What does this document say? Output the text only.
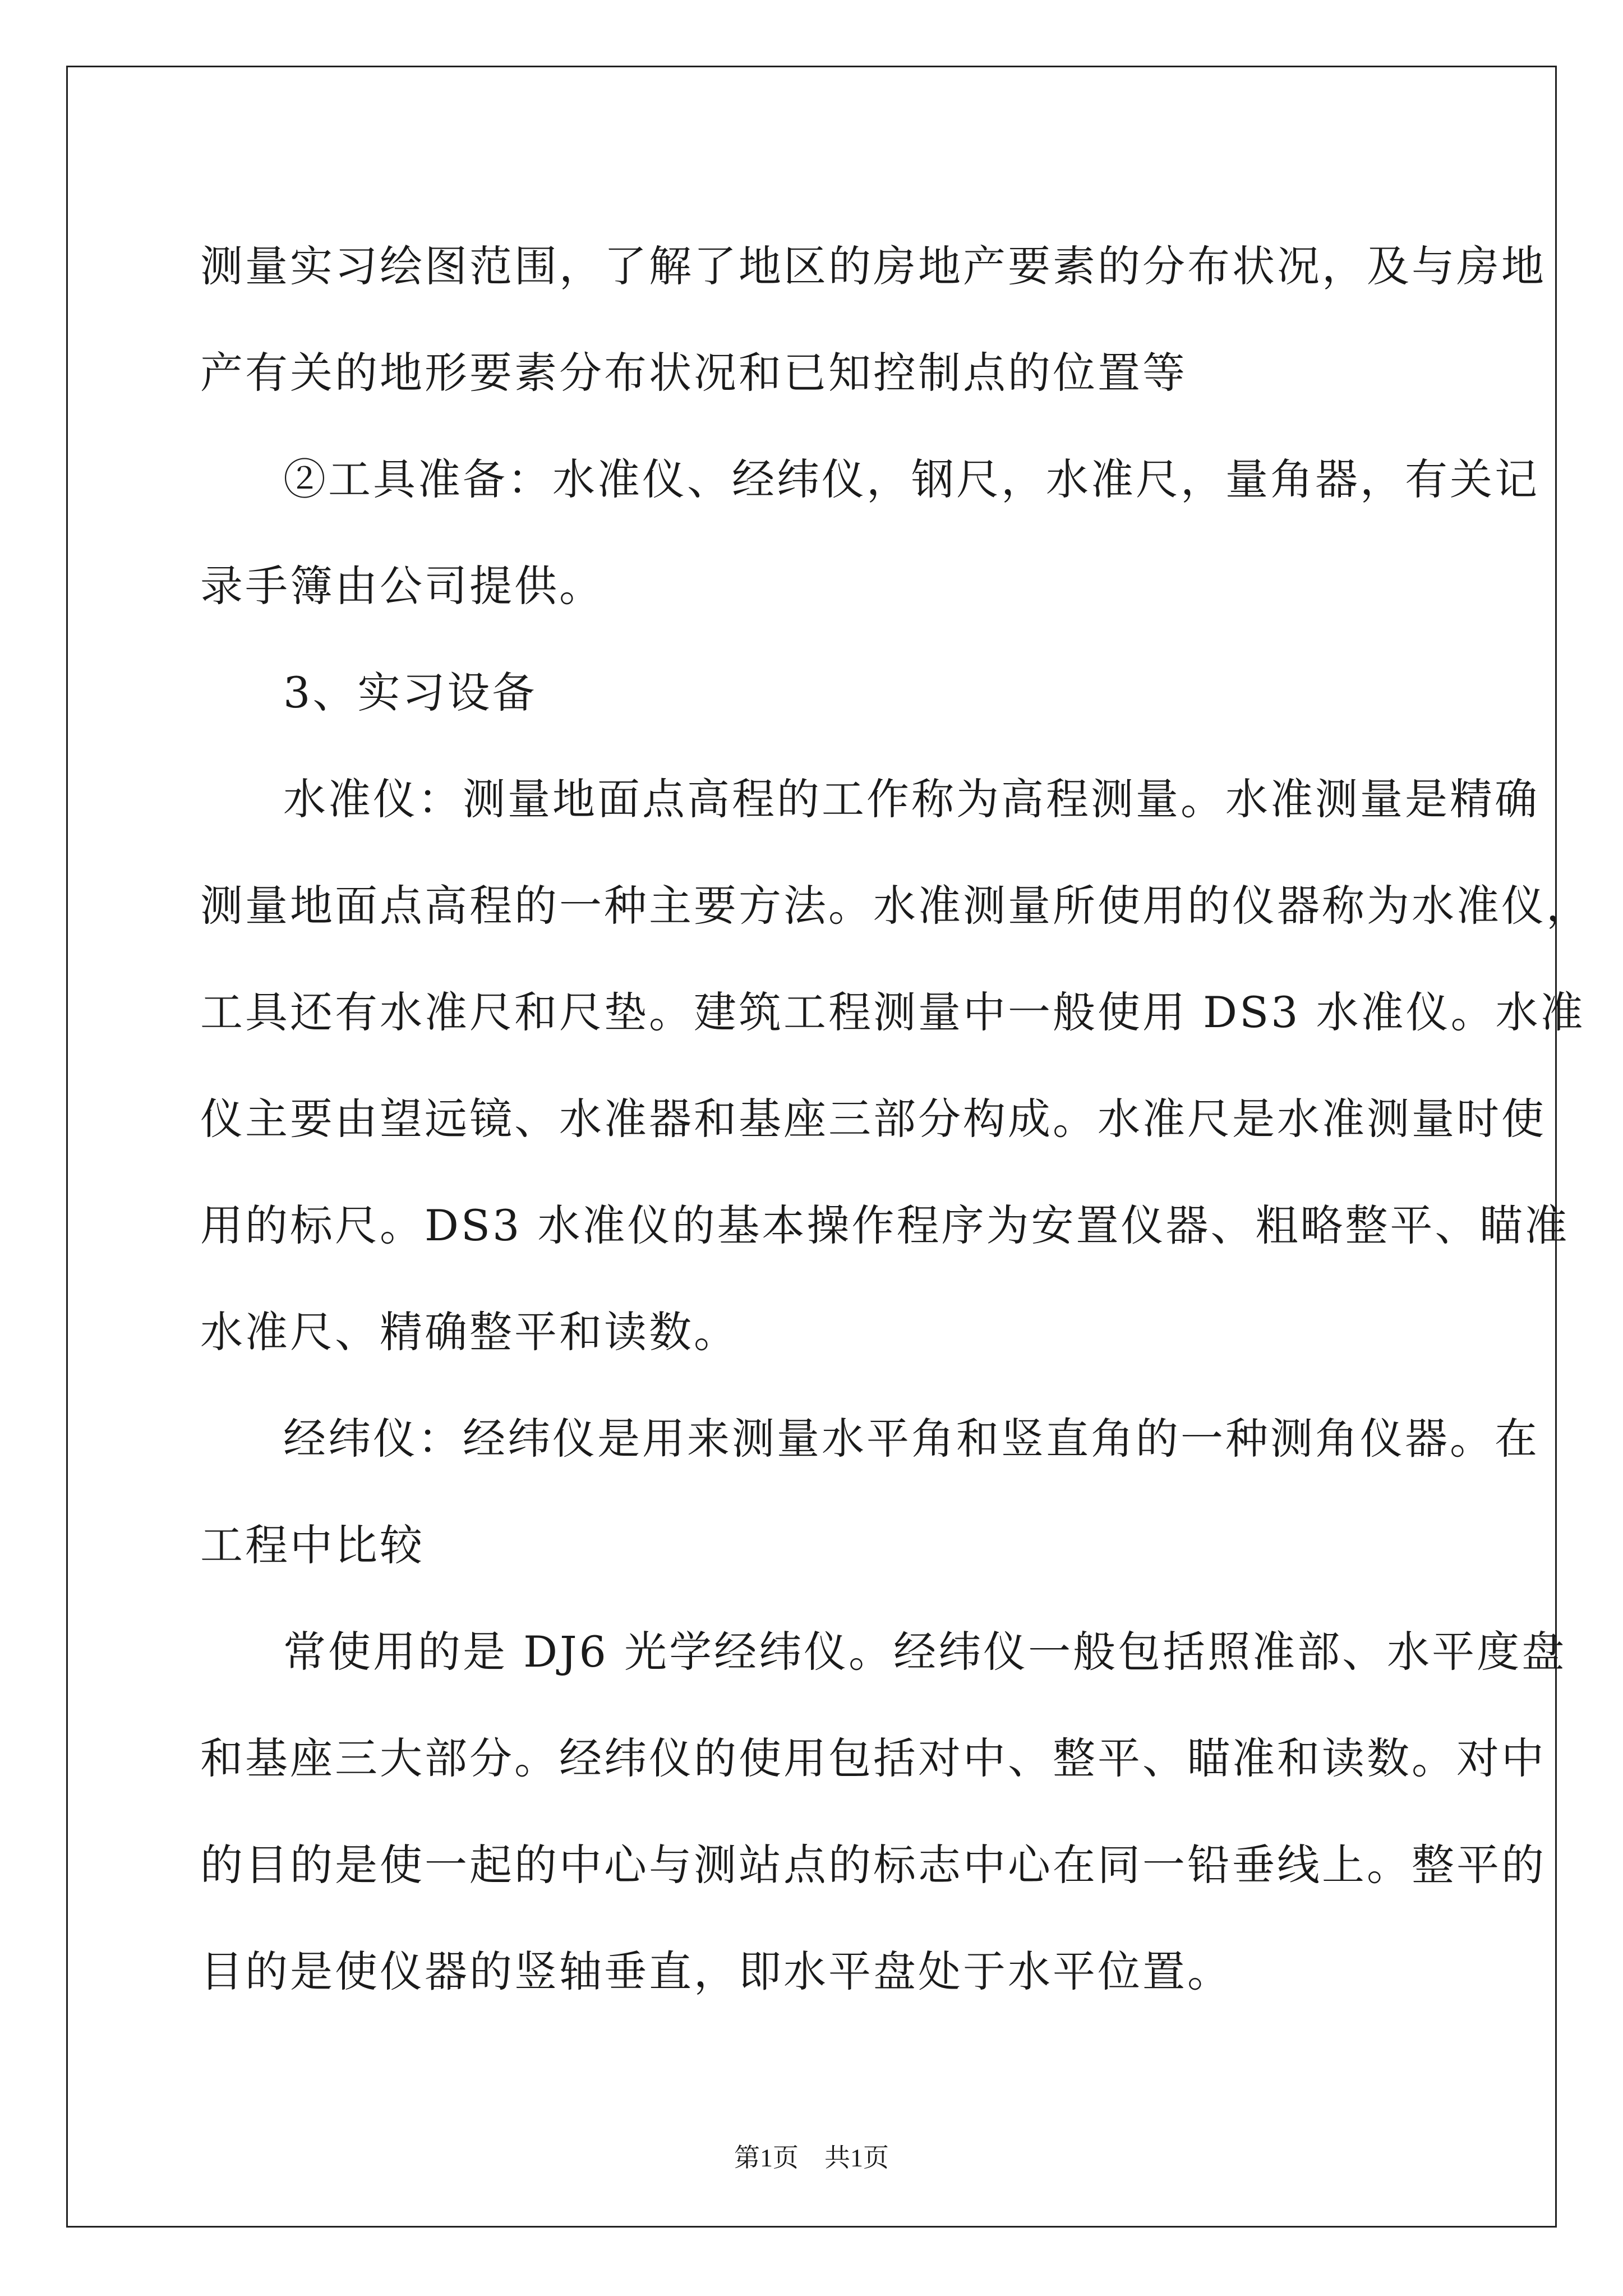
测量实习绘图范围，了解了地区的房地产要素的分布状况，及与房地
产有关的地形要素分布状况和已知控制点的位置等
②工具准备：水准仪、经纬仪，钢尺，水准尺，量角器，有关记
录手簿由公司提供。
3、实习设备
水准仪：测量地面点高程的工作称为高程测量。水准测量是精确
测量地面点高程的一种主要方法。水准测量所使用的仪器称为水准仪，
工具还有水准尺和尺垫。建筑工程测量中一般使用 DS3 水准仪。水准
仪主要由望远镜、水准器和基座三部分构成。水准尺是水准测量时使
用的标尺。DS3 水准仪的基本操作程序为安置仪器、粗略整平、瞄准
水准尺、精确整平和读数。
经纬仪：经纬仪是用来测量水平角和竖直角的一种测角仪器。在
工程中比较
常使用的是 DJ6 光学经纬仪。经纬仪一般包括照准部、水平度盘
和基座三大部分。经纬仪的使用包括对中、整平、瞄准和读数。对中
的目的是使一起的中心与测站点的标志中心在同一铅垂线上。整平的
目的是使仪器的竖轴垂直，即水平盘处于水平位置。
第1页　共1页
